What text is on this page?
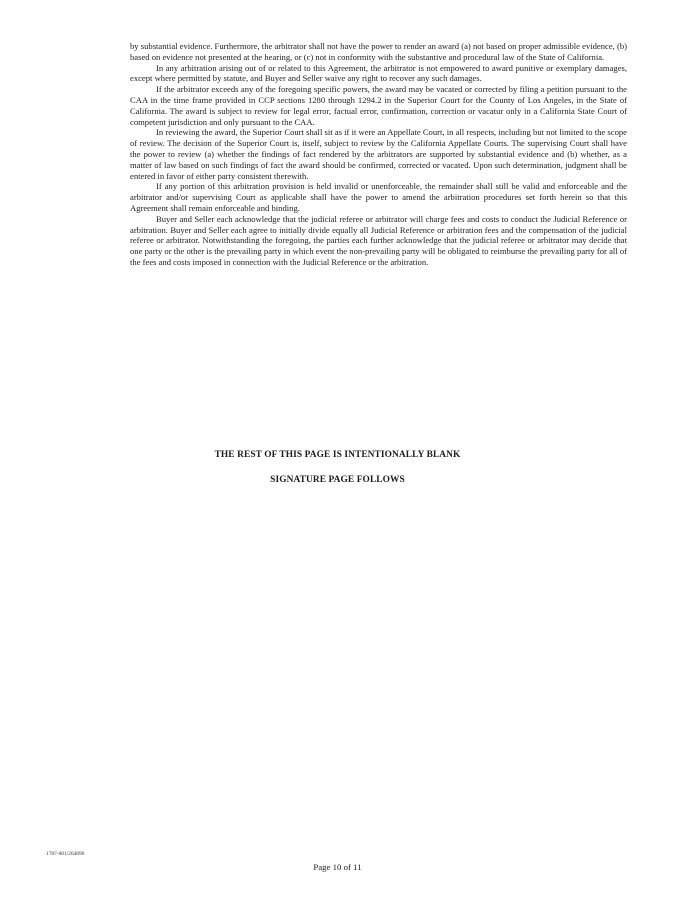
by substantial evidence. Furthermore, the arbitrator shall not have the power to render an award (a) not based on proper admissible evidence, (b) based on evidence not presented at the hearing, or (c) not in conformity with the substantive and procedural law of the State of California.

In any arbitration arising out of or related to this Agreement, the arbitrator is not empowered to award punitive or exemplary damages, except where permitted by statute, and Buyer and Seller waive any right to recover any such damages.

If the arbitrator exceeds any of the foregoing specific powers, the award may be vacated or corrected by filing a petition pursuant to the CAA in the time frame provided in CCP sections 1280 through 1294.2 in the Superior Court for the County of Los Angeles, in the State of California. The award is subject to review for legal error, factual error, confirmation, correction or vacatur only in a California State Court of competent jurisdiction and only pursuant to the CAA.

In reviewing the award, the Superior Court shall sit as if it were an Appellate Court, in all respects, including but not limited to the scope of review. The decision of the Superior Court is, itself, subject to review by the California Appellate Courts. The supervising Court shall have the power to review (a) whether the findings of fact rendered by the arbitrators are supported by substantial evidence and (b) whether, as a matter of law based on such findings of fact the award should be confirmed, corrected or vacated. Upon such determination, judgment shall be entered in favor of either party consistent therewith.

If any portion of this arbitration provision is held invalid or unenforceable, the remainder shall still be valid and enforceable and the arbitrator and/or supervising Court as applicable shall have the power to amend the arbitration procedures set forth herein so that this Agreement shall remain enforceable and binding.

Buyer and Seller each acknowledge that the judicial referee or arbitrator will charge fees and costs to conduct the Judicial Reference or arbitration. Buyer and Seller each agree to initially divide equally all Judicial Reference or arbitration fees and the compensation of the judicial referee or arbitrator. Notwithstanding the foregoing, the parties each further acknowledge that the judicial referee or arbitrator may decide that one party or the other is the prevailing party in which event the non-prevailing party will be obligated to reimburse the prevailing party for all of the fees and costs imposed in connection with the Judicial Reference or the arbitration.

THE REST OF THIS PAGE IS INTENTIONALLY BLANK
SIGNATURE PAGE FOLLOWS
1787-001/264890
Page 10 of 11
